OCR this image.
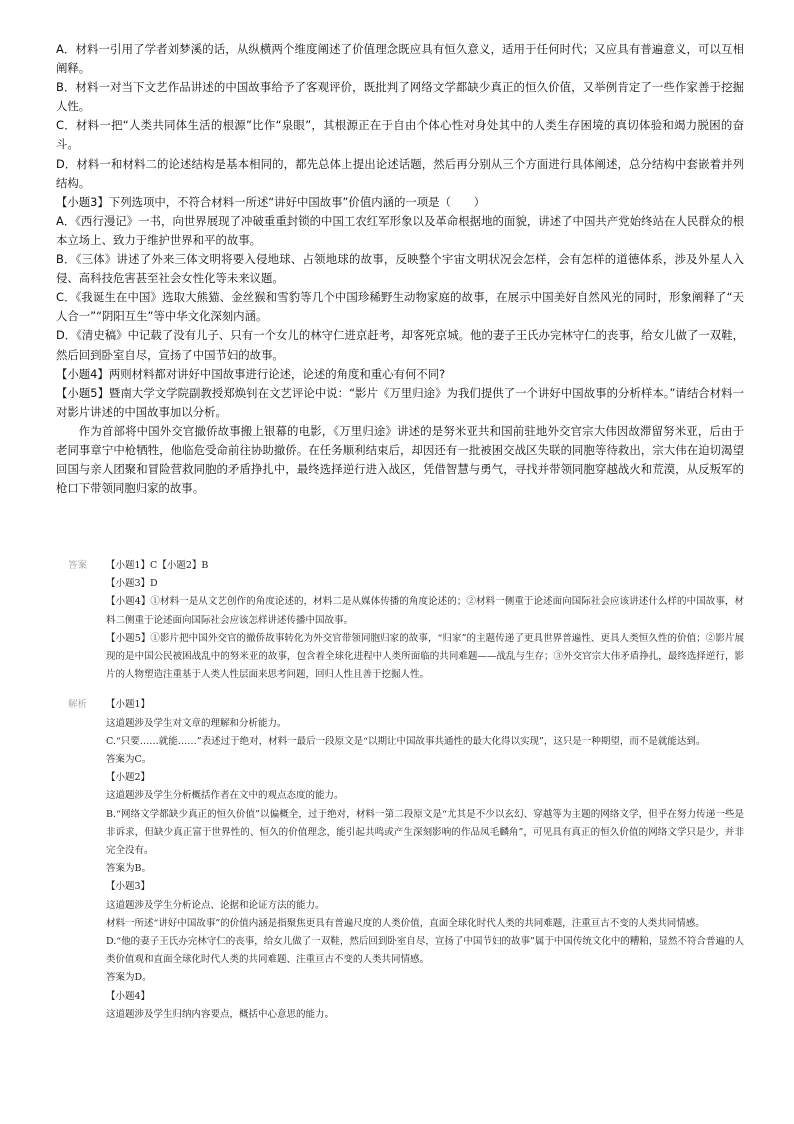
A．材料一引用了学者刘梦溪的话，从纵横两个维度阐述了价值理念既应具有恒久意义，适用于任何时代；又应具有普遍意义，可以互相阐释。

B．材料一对当下文艺作品讲述的中国故事给予了客观评价，既批判了网络文学都缺少真正的恒久价值，又举例肯定了一些作家善于挖掘人性。

C．材料一把“人类共同体生活的根源”比作“泉眼”，其根源正在于自由个体心性对身处其中的人类生存困境的真切体验和竭力脱困的奋斗。

D．材料一和材料二的论述结构是基本相同的，都先总体上提出论述话题，然后再分别从三个方面进行具体阐述，总分结构中套嵌着并列结构。

【小题3】下列选项中，不符合材料一所述“讲好中国故事”价值内涵的一项是（　　）

A．《西行漫记》一书，向世界展现了冲破重重封锁的中国工农红军形象以及革命根据地的面貌，讲述了中国共产党始终站在人民群众的根本立场上、致力于维护世界和平的故事。

B．《三体》讲述了外来三体文明将要入侵地球、占领地球的故事，反映整个宇宙文明状况会怎样，会有怎样的道德体系，涉及外星人入侵、高科技危害甚至社会女性化等未来议题。

C．《我诞生在中国》选取大熊猫、金丝猴和雪豹等几个中国珍稀野生动物家庭的故事，在展示中国美好自然风光的同时，形象阐释了“天人合一”“阴阳互生”等中华文化深刻内涵。

D．《清史稿》中记载了没有儿子、只有一个女儿的林守仁进京赶考，却客死京城。他的妻子王氏办完林守仁的丧事，给女儿做了一双鞋，然后回到卧室自尽，宣扬了中国节妇的故事。

【小题4】两则材料都对讲好中国故事进行论述，论述的角度和重心有何不同?

【小题5】暨南大学文学院副教授郑焕钊在文艺评论中说：“影片《万里归途》为我们提供了一个讲好中国故事的分析样本。”请结合材料一对影片讲述的中国故事加以分析。

作为首部将中国外交官撤侨故事搬上银幕的电影，《万里归途》讲述的是努米亚共和国前驻地外交官宗大伟因故滞留努米亚，后由于老同事章宁中枪牺牲，他临危受命前往协助撤侨。在任务顺利结束后，却因还有一批被困交战区失联的同胞等待救出，宗大伟在迫切渴望回国与亲人团聚和冒险营救同胞的矛盾挣扎中，最终选择逆行进入战区，凭借智慧与勇气，寻找并带领同胞穿越战火和荒漠，从反叛军的枪口下带领同胞归家的故事。

答案	【小题1】C【小题2】B

【小题3】D

【小题4】①材料一是从文艺创作的角度论述的，材料二是从媒体传播的角度论述的；②材料一侧重于论述面向国际社会应该讲述什么样的中国故事，材料二侧重于论述面向国际社会应该怎样讲述传播中国故事。

【小题5】①影片把中国外交官的撤侨故事转化为外交官带领同胞归家的故事，“归家”的主题传递了更具世界普遍性、更具人类恒久性的价值；②影片展现的是中国公民被困战乱中的努米亚的故事，包含着全球化进程中人类所面临的共同难题——战乱与生存；③外交官宗大伟矛盾挣扎，最终选择逆行，影片的人物塑造注重基于人类人性层面来思考问题，回归人性且善于挖掘人性。

解析	【小题1】

这道题涉及学生对文章的理解和分析能力。

C.“只要……就能……”表述过于绝对，材料一最后一段原文是“以期让中国故事共通性的最大化得以实现”，这只是一种期望，而不是就能达到。

答案为C。

【小题2】

这道题涉及学生分析概括作者在文中的观点态度的能力。

B.“网络文学都缺少真正的恒久价值”以偏概全，过于绝对，材料一第二段原文是“尤其是不少以玄幻、穿越等为主题的网络文学，但乎在努力传递一些是非诉求，但缺少真正富于世界性的、恒久的价值理念，能引起共鸣或产生深刻影响的作品凤毛麟角”，可见具有真正的恒久价值的网络文学只是少，并非完全没有。

答案为B。

【小题3】

这道题涉及学生分析论点、论据和论证方法的能力。

材料一所述“讲好中国故事”的价值内涵是指聚焦更具有普遍尺度的人类价值，直面全球化时代人类的共同难题，注重亘古不变的人类共同情感。

D.“他的妻子王氏办完林守仁的丧事，给女儿做了一双鞋，然后回到卧室自尽，宣扬了中国节妇的故事”属于中国传统文化中的糟粕，显然不符合普遍的人类价值观和直面全球化时代人类的共同难题、注重亘古不变的人类共同情感。

答案为D。

【小题4】

这道题涉及学生归纳内容要点，概括中心意思的能力。
